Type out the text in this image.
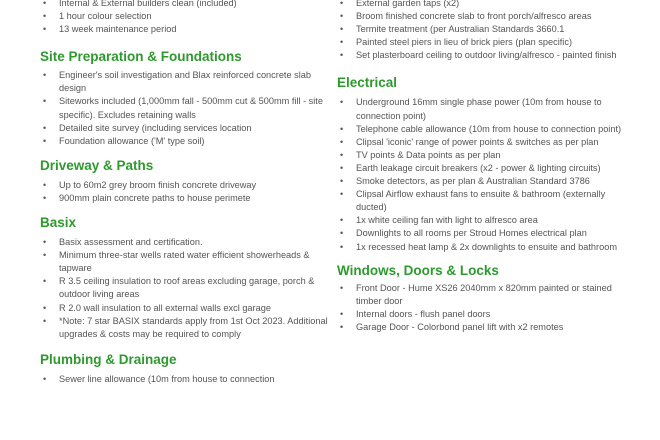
• Internal & External builders clean (included)
• 1 hour colour selection
• 13 week maintenance period
Site Preparation & Foundations
• Engineer's soil investigation and Blax reinforced concrete slab design
• Siteworks included (1,000mm fall - 500mm cut & 500mm fill - site specific). Excludes retaining walls
• Detailed site survey (including services location
• Foundation allowance ('M' type soil)
Driveway & Paths
• Up to 60m2 grey broom finish concrete driveway
• 900mm plain concrete paths to house perimete
Basix
• Basix assessment and certification.
• Minimum three-star wells rated water efficient showerheads & tapware
• R 3.5 ceiling insulation to roof areas excluding garage, porch & outdoor living areas
• R 2.0 wall insulation to all external walls excl garage
• *Note: 7 star BASIX standards apply from 1st Oct 2023. Additional upgrades & costs may be required to comply
Plumbing & Drainage
• Sewer line allowance (10m from house to connection
• External garden taps (x2)
• Broom finished concrete slab to front porch/alfresco areas
• Termite treatment (per Australian Standards 3660.1
• Painted steel piers in lieu of brick piers (plan specific)
• Set plasterboard ceiling to outdoor living/alfresco - painted finish
Electrical
• Underground 16mm single phase power (10m from house to connection point)
• Telephone cable allowance (10m from house to connection point)
• Clipsal 'iconic' range of power points & switches as per plan
• TV points & Data points as per plan
• Earth leakage circuit breakers (x2 - power & lighting circuits)
• Smoke detectors, as per plan & Australian Standard 3786
• Clipsal Airflow exhaust fans to ensuite & bathroom (externally ducted)
• 1x white ceiling fan with light to alfresco area
• Downlights to all rooms per Stroud Homes electrical plan
• 1x recessed heat lamp & 2x downlights to ensuite and bathroom
Windows, Doors & Locks
• Front Door - Hume XS26 2040mm x 820mm painted or stained timber door
• Internal doors - flush panel doors
• Garage Door - Colorbond panel lift with x2 remotes
